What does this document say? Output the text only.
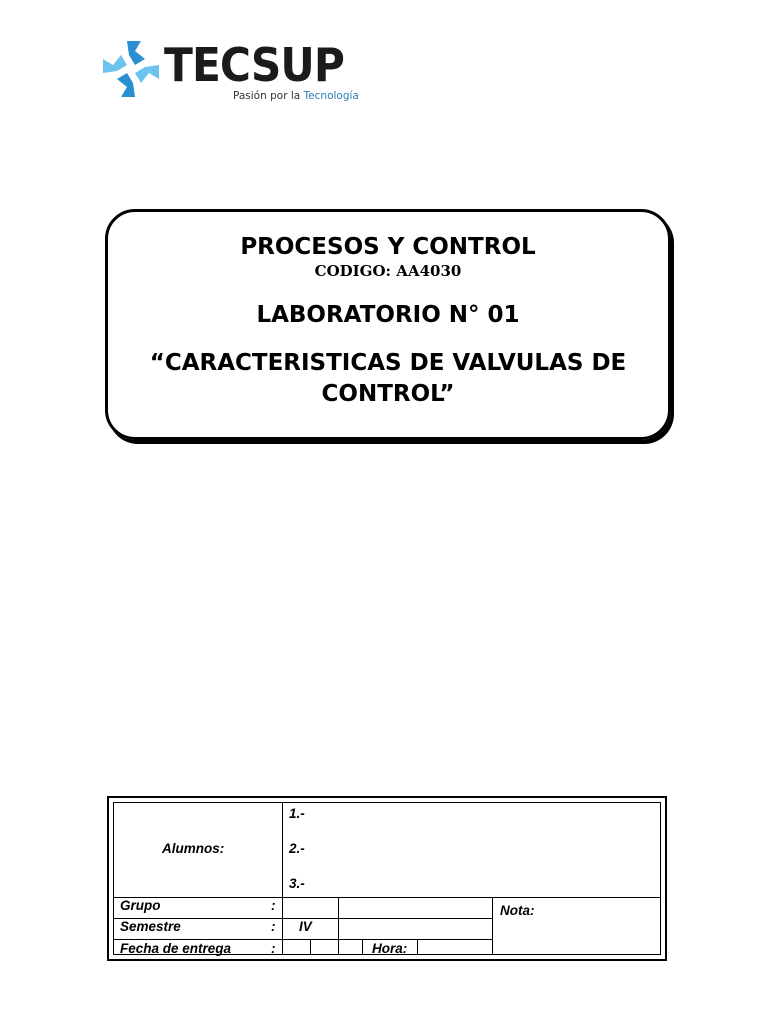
TECSUP
Pasión por la Tecnología
PROCESOS Y CONTROL
CODIGO: AA4030
LABORATORIO N° 01
“CARACTERISTICAS DE VALVULAS DE
CONTROL”
Alumnos:
1.-
2.-
3.-
Grupo	:
Semestre	: IV
Fecha de entrega	:	Hora:
Nota:
